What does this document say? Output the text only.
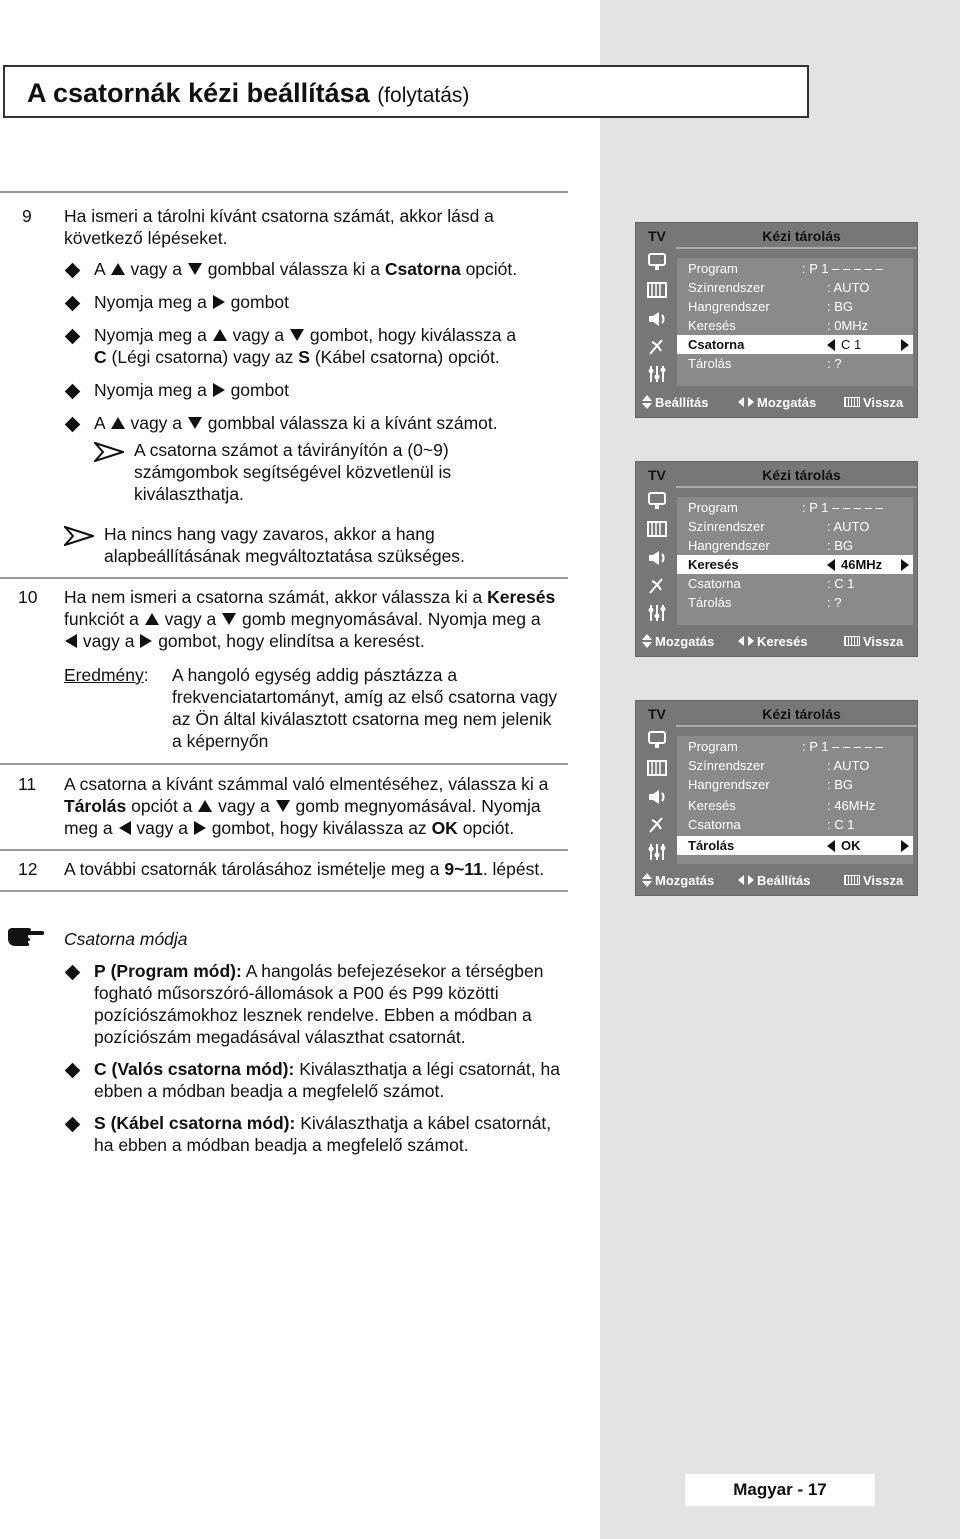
A csatornák kézi beállítása (folytatás)
9 Ha ismeri a tárolni kívánt csatorna számát, akkor lásd a
következő lépéseket.
A vagy a gombbal válassza ki a Csatorna opciót.
Nyomja meg a gombot
Nyomja meg a vagy a gombot, hogy kiválassza a
C (Légi csatorna) vagy az S (Kábel csatorna) opciót.
Nyomja meg a gombot
A vagy a gombbal válassza ki a kívánt számot.
A csatorna számot a távirányítón a (0~9)
számgombok segítségével közvetlenül is
kiválaszthatja.
Ha nincs hang vagy zavaros, akkor a hang
alapbeállításának megváltoztatása szükséges.
10 Ha nem ismeri a csatorna számát, akkor válassza ki a Keresés
funkciót a vagy a gomb megnyomásával. Nyomja meg a
vagy a gombot, hogy elindítsa a keresést.
Eredmény: A hangoló egység addig pásztázza a
frekvenciatartományt, amíg az első csatorna vagy
az Ön által kiválasztott csatorna meg nem jelenik
a képernyőn
11 A csatorna a kívánt számmal való elmentéséhez, válassza ki a
Tárolás opciót a vagy a gomb megnyomásával. Nyomja
meg a vagy a gombot, hogy kiválassza az OK opciót.
12 A további csatornák tárolásához ismételje meg a 9~11. lépést.
Csatorna módja
P (Program mód): A hangolás befejezésekor a térségben
fogható műsorszóró-állomások a P00 és P99 közötti
pozíciószámokhoz lesznek rendelve. Ebben a módban a
pozíciószám megadásával választhat csatornát.
C (Valós csatorna mód): Kiválaszthatja a légi csatornát, ha
ebben a módban beadja a megfelelő számot.
S (Kábel csatorna mód): Kiválaszthatja a kábel csatornát,
ha ebben a módban beadja a megfelelő számot.
TV	Kézi tárolás
Program	: P 1 – – – – –
Színrendszer	: AUTO
Hangrendszer	: BG
Keresés	: 0MHz
Csatorna	C 1
Tárolás	: ?
Beállítás	Mozgatás	Vissza
TV	Kézi tárolás
Program	: P 1 – – – – –
Színrendszer	: AUTO
Hangrendszer	: BG
Keresés	46MHz
Csatorna	: C 1
Tárolás	: ?
Mozgatás	Keresés	Vissza
TV	Kézi tárolás
Program	: P 1 – – – – –
Színrendszer	: AUTO
Hangrendszer	: BG
Keresés	: 46MHz
Csatorna	: C 1
Tárolás	OK
Mozgatás	Beállítás	Vissza
Magyar - 17
